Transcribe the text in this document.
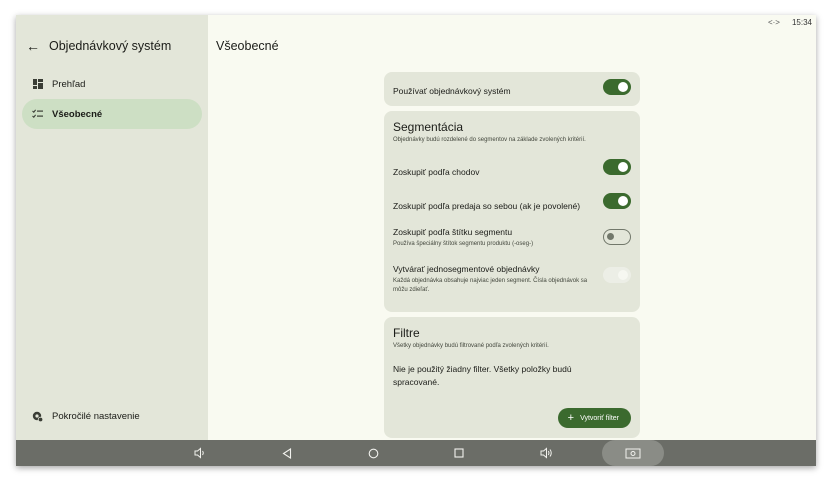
<·> 15:34
← Objednávkový systém
Prehľad
Všeobecné
Pokročilé nastavenie
Všeobecné
Používať objednávkový systém
Segmentácia
Objednávky budú rozdelené do segmentov na základe zvolených kritérií.
Zoskupiť podľa chodov
Zoskupiť podľa predaja so sebou (ak je povolené)
Zoskupiť podľa štítku segmentu
Používa špeciálny štítok segmentu produktu (-oseg-)
Vytvárať jednosegmentové objednávky
Každá objednávka obsahuje najviac jeden segment. Čísla objednávok sa môžu zdieľať.
Filtre
Všetky objednávky budú filtrované podľa zvolených kritérií.
Nie je použitý žiadny filter. Všetky položky budú spracované.
+ Vytvoriť filter
